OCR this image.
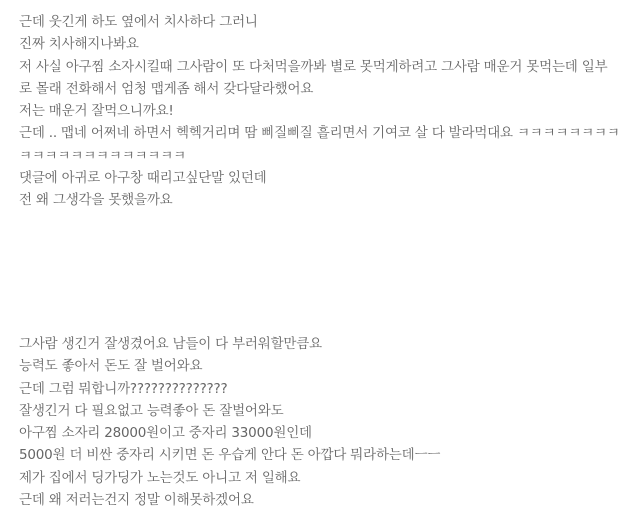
근데 웃긴게 하도 옆에서 치사하다 그러니
진짜 치사해지나봐요
저 사실 아구찜 소자시킬때 그사람이 또 다처먹을까봐 별로 못먹게하려고 그사람 매운거 못먹는데 일부
로 몰래 전화해서 엄청 맵게좀 해서 갖다달라했어요
저는 매운거 잘먹으니까요!
근데 .. 맵네 어쩌네 하면서 헥헥거리며 땀 삐질삐질 흘리면서 기여코 살 다 발라먹대요 ㅋㅋㅋㅋㅋㅋㅋㅋ
ㅋㅋㅋㅋㅋㅋㅋㅋㅋㅋㅋㅋㅋ
댓글에 아귀로 아구창 때리고싶단말 있던데
전 왜 그생각을 못했을까요
그사람 생긴거 잘생겼어요 남들이 다 부러워할만큼요
능력도 좋아서 돈도 잘 벌어와요
근데 그럼 뭐합니까??????????????
잘생긴거 다 필요없고 능력좋아 돈 잘벌어와도
아구찜 소자리 28000원이고 중자리 33000원인데
5000원 더 비싼 중자리 시키면 돈 우습게 안다 돈 아깝다 뭐라하는데ㅡㅡ
제가 집에서 딩가딩가 노는것도 아니고 저 일해요
근데 왜 저러는건지 정말 이해못하겠어요
